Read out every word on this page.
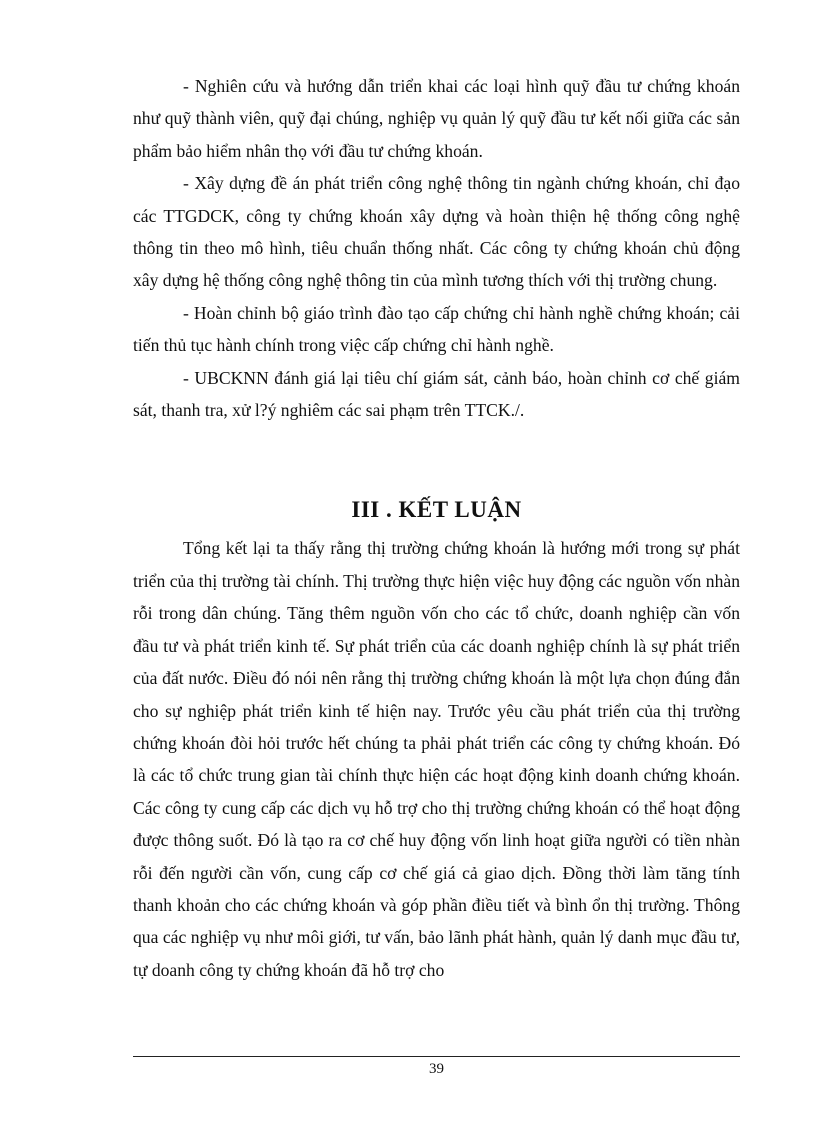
- Nghiên cứu và hướng dẫn triển khai các loại hình quỹ đầu tư chứng khoán như quỹ thành viên, quỹ đại chúng, nghiệp vụ quản lý quỹ đầu tư kết nối giữa các sản phẩm bảo hiểm nhân thọ với đầu tư chứng khoán.

- Xây dựng đề án phát triển công nghệ thông tin ngành chứng khoán, chỉ đạo các TTGDCK, công ty chứng khoán xây dựng và hoàn thiện hệ thống công nghệ thông tin theo mô hình, tiêu chuẩn thống nhất. Các công ty chứng khoán chủ động xây dựng hệ thống công nghệ thông tin của mình tương thích với thị trường chung.

- Hoàn chỉnh bộ giáo trình đào tạo cấp chứng chỉ hành nghề chứng khoán; cải tiến thủ tục hành chính trong việc cấp chứng chỉ hành nghề.

- UBCKNN đánh giá lại tiêu chí giám sát, cảnh báo, hoàn chỉnh cơ chế giám sát, thanh tra, xử l?ý nghiêm các sai phạm trên TTCK./.

III . KẾT LUẬN

Tổng kết lại ta thấy rằng thị trường chứng khoán là hướng mới trong sự phát triển của thị trường tài chính. Thị trường thực hiện việc huy động các nguồn vốn nhàn rỗi trong dân chúng. Tăng thêm nguồn vốn cho các tổ chức, doanh nghiệp cần vốn đầu tư và phát triển kinh tế. Sự phát triển của các doanh nghiệp chính là sự phát triển của đất nước. Điều đó nói nên rằng thị trường chứng khoán là một lựa chọn đúng đắn cho sự nghiệp phát triển kinh tế hiện nay. Trước yêu cầu phát triển của thị trường chứng khoán đòi hỏi trước hết chúng ta phải phát triển các công ty chứng khoán. Đó là các tổ chức trung gian tài chính thực hiện các hoạt động kinh doanh chứng khoán. Các công ty cung cấp các dịch vụ hỗ trợ cho thị trường chứng khoán có thể hoạt động được thông suốt. Đó là tạo ra cơ chế huy động vốn linh hoạt giữa người có tiền nhàn rỗi đến người cần vốn, cung cấp cơ chế giá cả giao dịch. Đồng thời làm tăng tính thanh khoản cho các chứng khoán và góp phần điều tiết và bình ổn thị trường. Thông qua các nghiệp vụ như môi giới, tư vấn, bảo lãnh phát hành, quản lý danh mục đầu tư, tự doanh công ty chứng khoán đã hỗ trợ cho

39
